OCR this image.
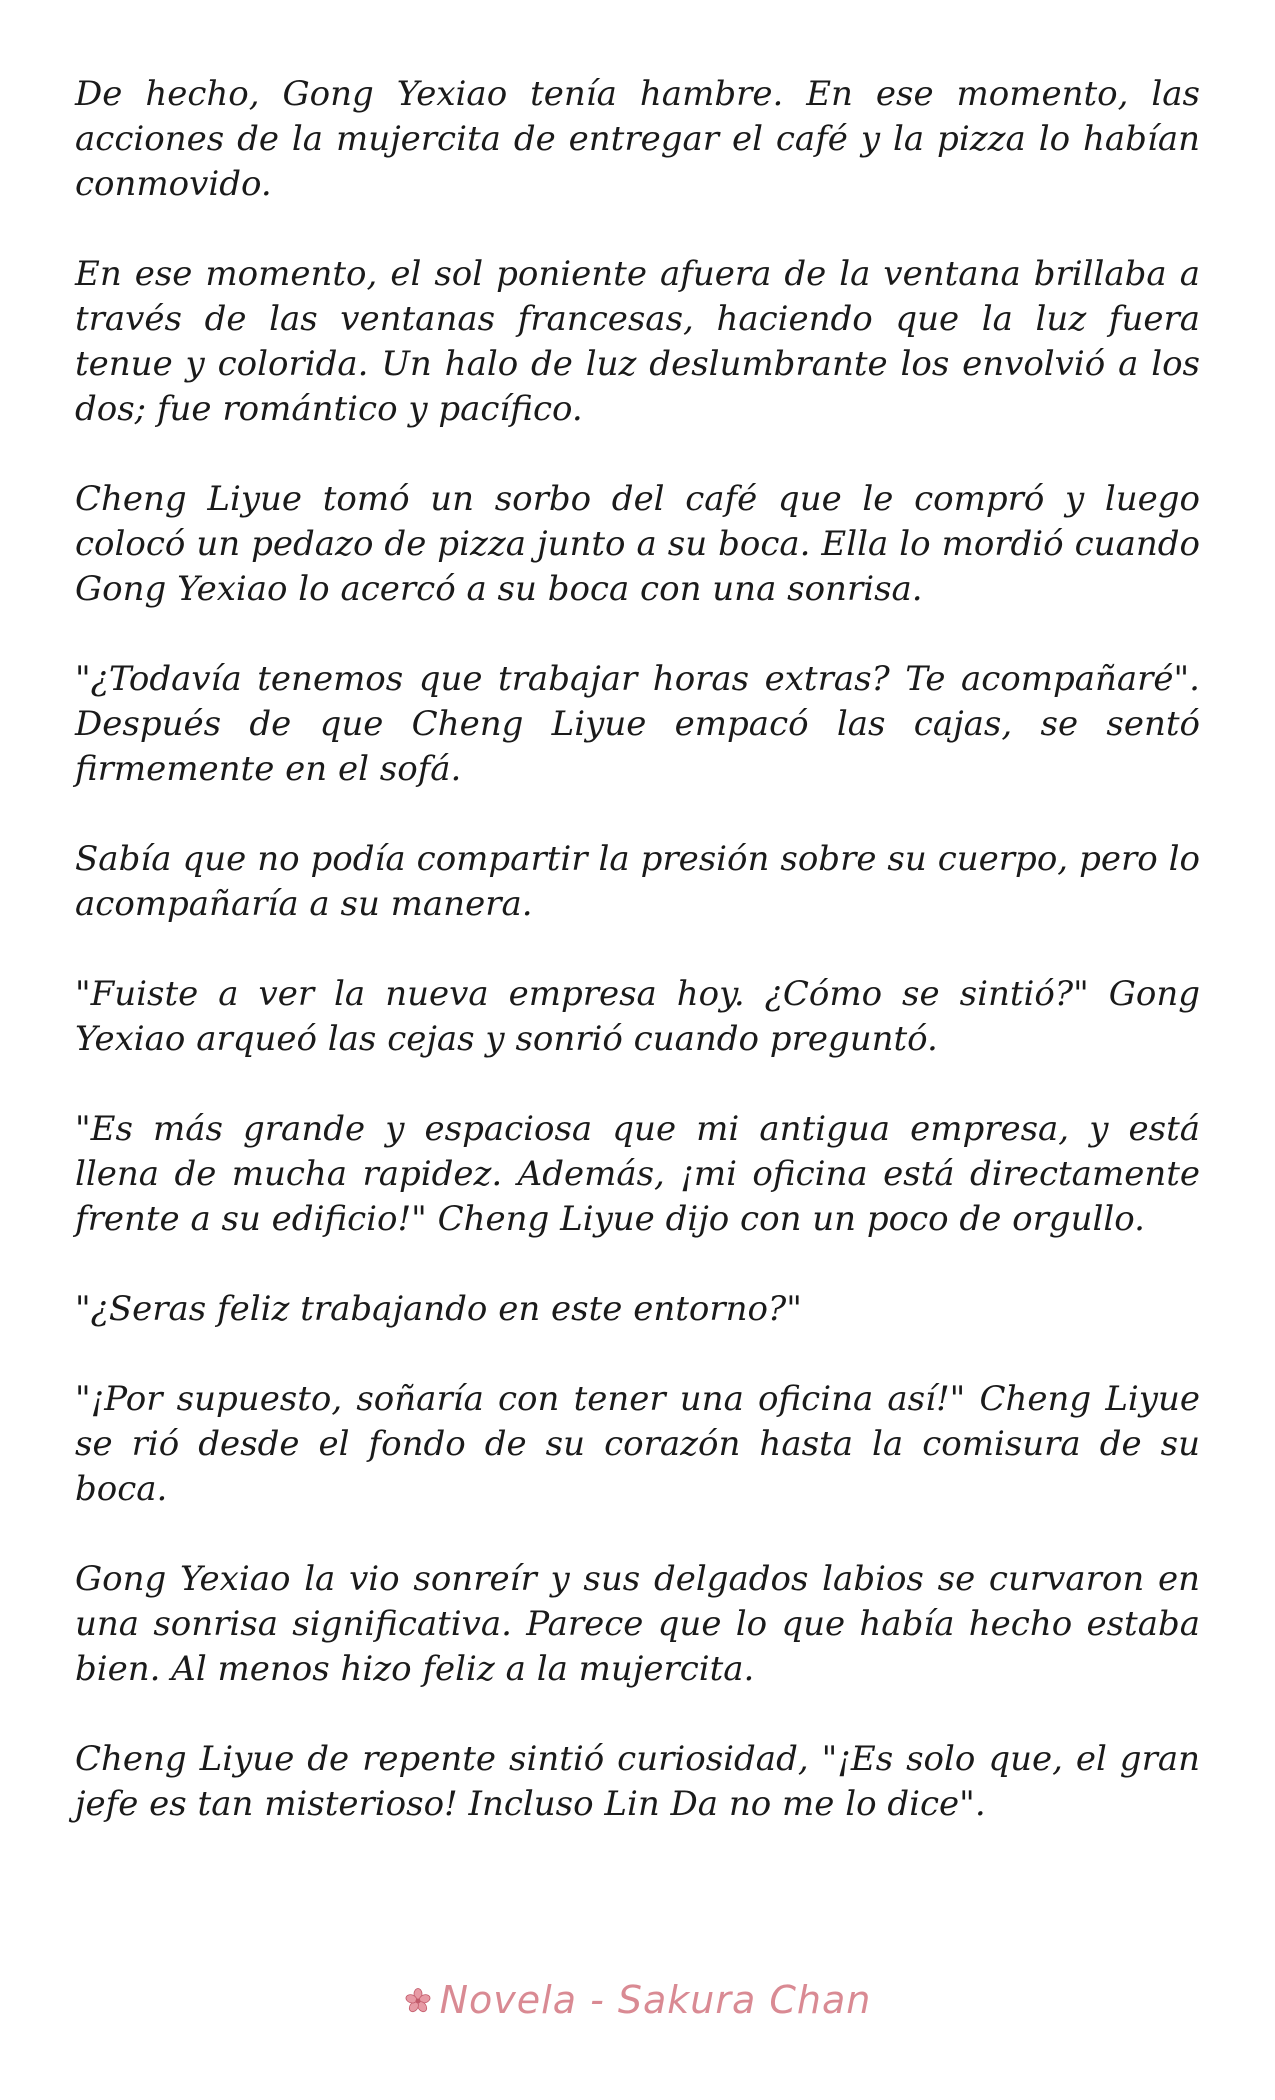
De hecho, Gong Yexiao tenía hambre. En ese momento, las acciones de la mujercita de entregar el café y la pizza lo habían conmovido.

En ese momento, el sol poniente afuera de la ventana brillaba a través de las ventanas francesas, haciendo que la luz fuera tenue y colorida. Un halo de luz deslumbrante los envolvió a los dos; fue romántico y pacífico.

Cheng Liyue tomó un sorbo del café que le compró y luego colocó un pedazo de pizza junto a su boca. Ella lo mordió cuando Gong Yexiao lo acercó a su boca con una sonrisa.

"¿Todavía tenemos que trabajar horas extras? Te acompañaré". Después de que Cheng Liyue empacó las cajas, se sentó firmemente en el sofá.

Sabía que no podía compartir la presión sobre su cuerpo, pero lo acompañaría a su manera.

"Fuiste a ver la nueva empresa hoy. ¿Cómo se sintió?" Gong Yexiao arqueó las cejas y sonrió cuando preguntó.

"Es más grande y espaciosa que mi antigua empresa, y está llena de mucha rapidez. Además, ¡mi oficina está directamente frente a su edificio!" Cheng Liyue dijo con un poco de orgullo.

"¿Seras feliz trabajando en este entorno?"

"¡Por supuesto, soñaría con tener una oficina así!" Cheng Liyue se rió desde el fondo de su corazón hasta la comisura de su boca.

Gong Yexiao la vio sonreír y sus delgados labios se curvaron en una sonrisa significativa. Parece que lo que había hecho estaba bien. Al menos hizo feliz a la mujercita.

Cheng Liyue de repente sintió curiosidad, "¡Es solo que, el gran jefe es tan misterioso! Incluso Lin Da no me lo dice".

Novela - Sakura Chan
